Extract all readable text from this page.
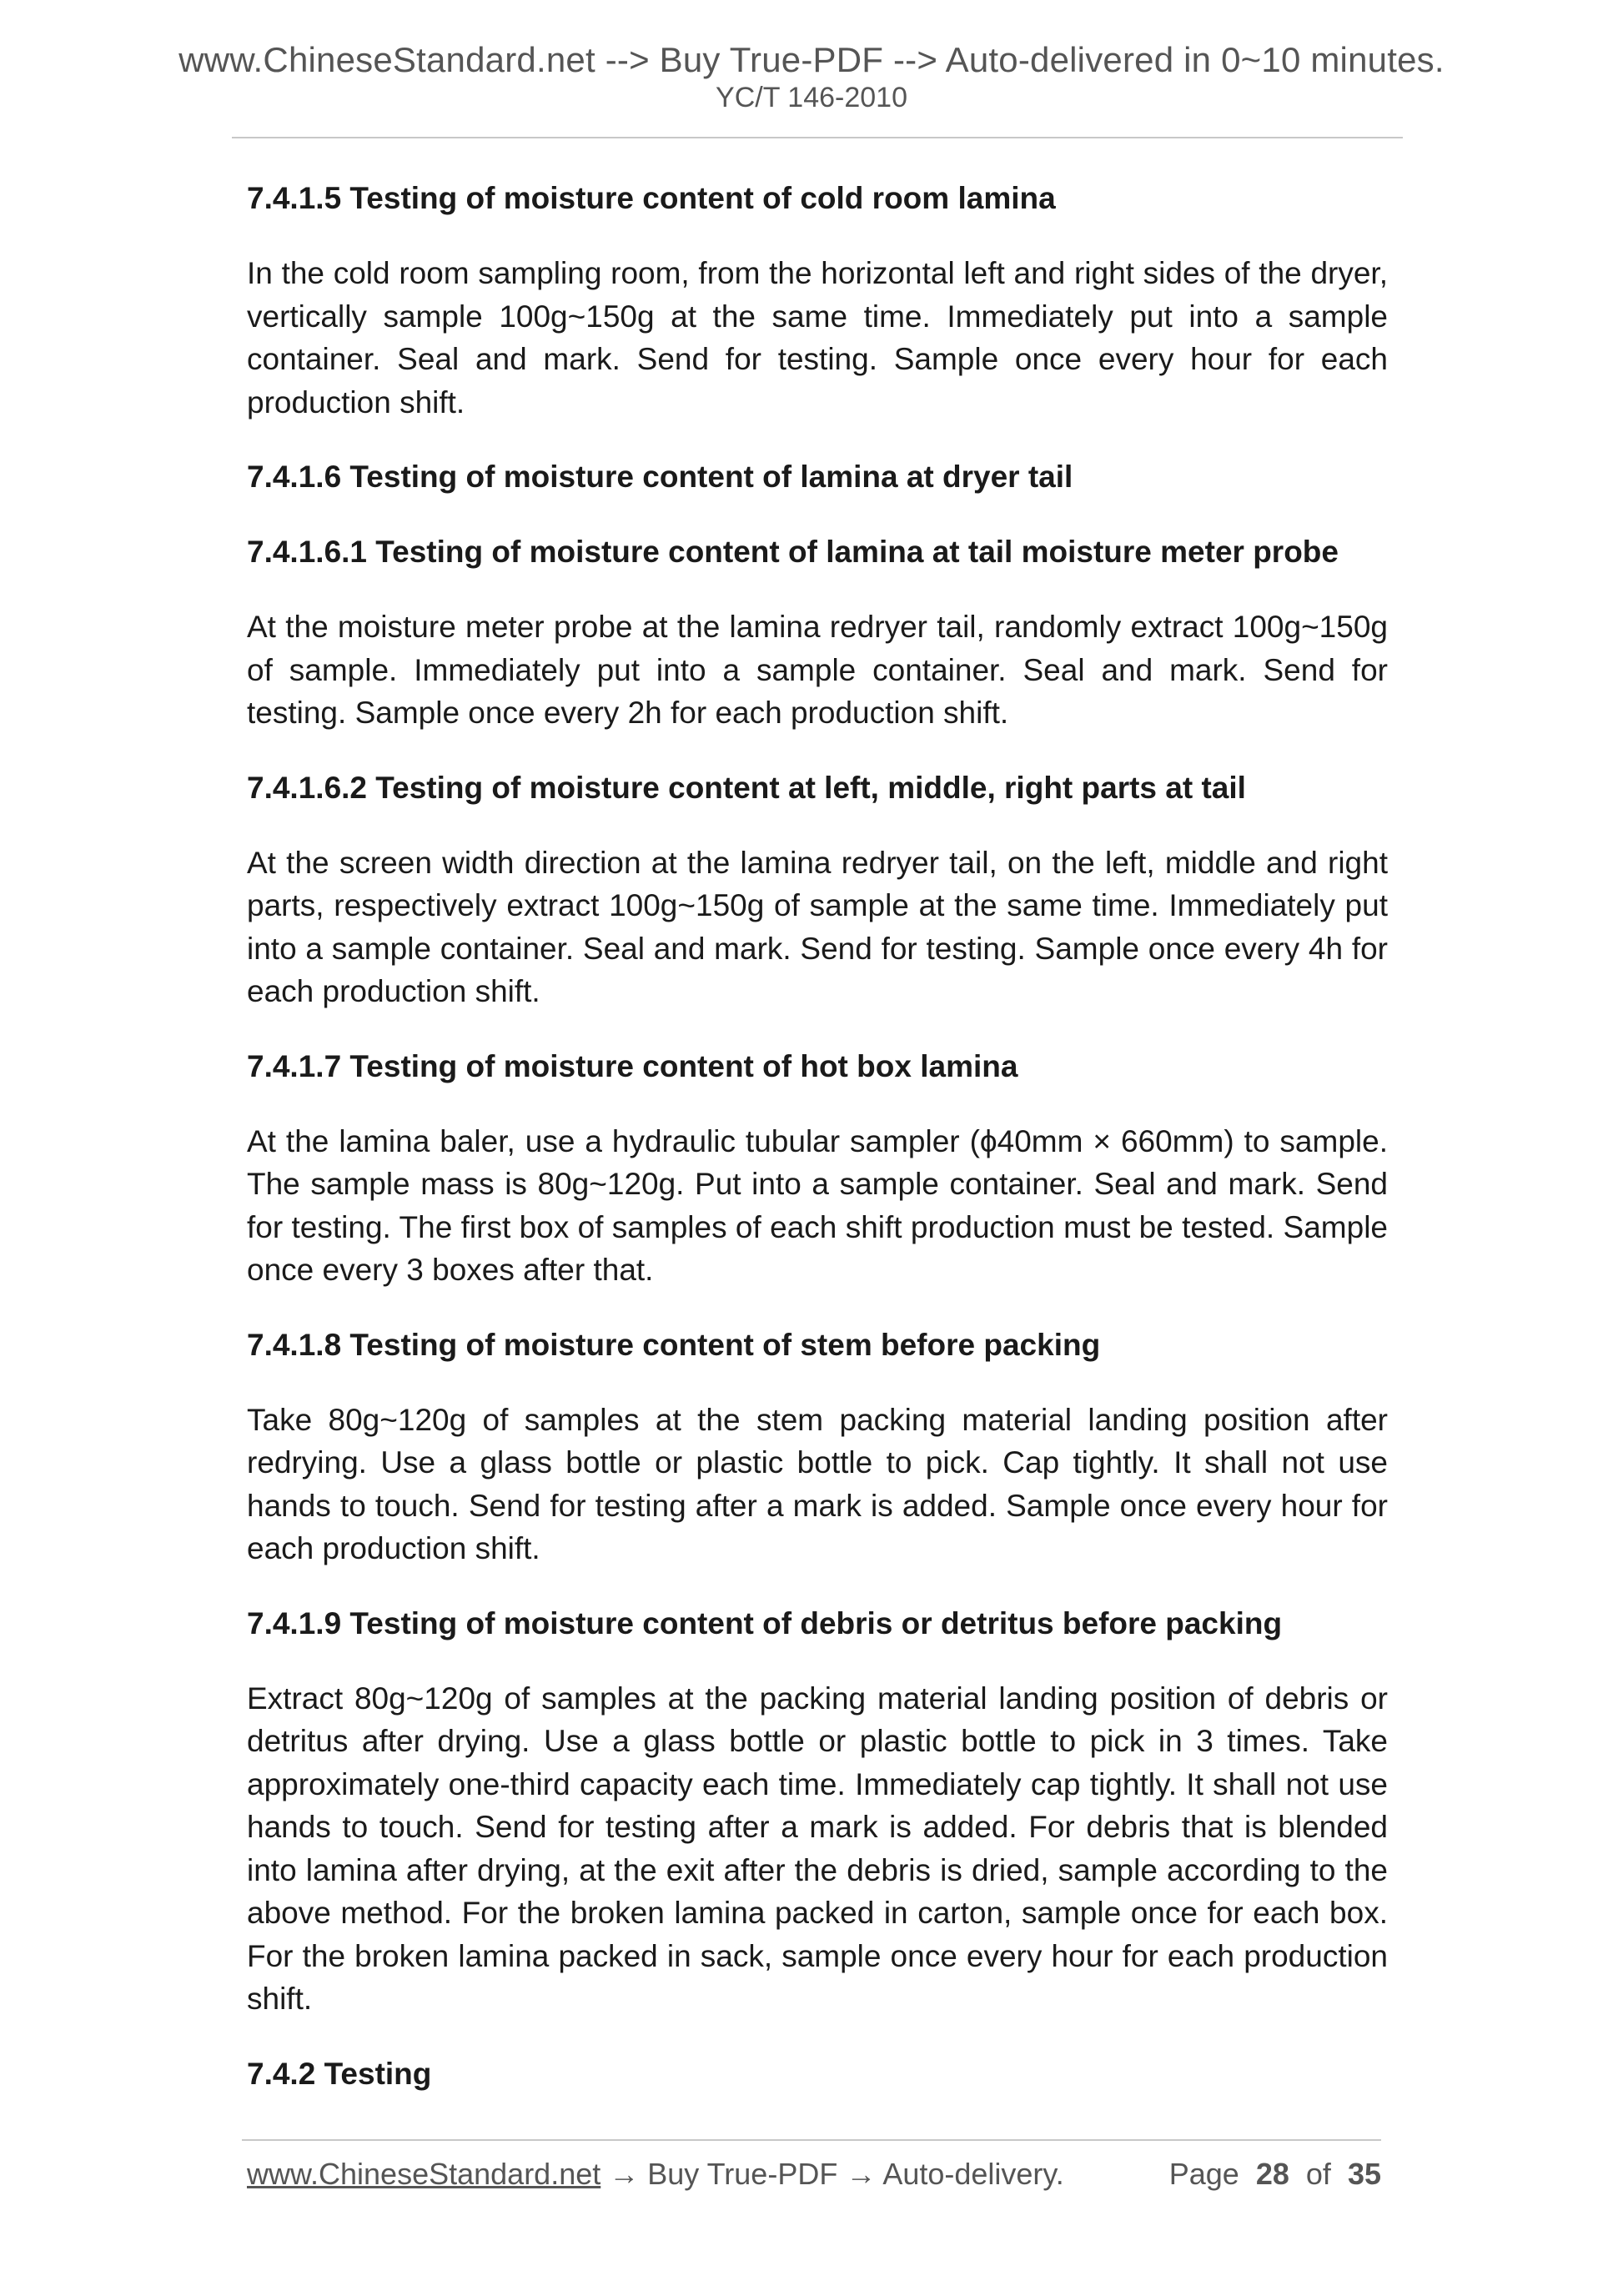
www.ChineseStandard.net --> Buy True-PDF --> Auto-delivered in 0~10 minutes.
YC/T 146-2010
7.4.1.5 Testing of moisture content of cold room lamina
In the cold room sampling room, from the horizontal left and right sides of the dryer, vertically sample 100g~150g at the same time. Immediately put into a sample container. Seal and mark. Send for testing. Sample once every hour for each production shift.
7.4.1.6 Testing of moisture content of lamina at dryer tail
7.4.1.6.1 Testing of moisture content of lamina at tail moisture meter probe
At the moisture meter probe at the lamina redryer tail, randomly extract 100g~150g of sample. Immediately put into a sample container. Seal and mark. Send for testing. Sample once every 2h for each production shift.
7.4.1.6.2 Testing of moisture content at left, middle, right parts at tail
At the screen width direction at the lamina redryer tail, on the left, middle and right parts, respectively extract 100g~150g of sample at the same time. Immediately put into a sample container. Seal and mark. Send for testing. Sample once every 4h for each production shift.
7.4.1.7 Testing of moisture content of hot box lamina
At the lamina baler, use a hydraulic tubular sampler (ϕ40mm × 660mm) to sample. The sample mass is 80g~120g. Put into a sample container. Seal and mark. Send for testing. The first box of samples of each shift production must be tested. Sample once every 3 boxes after that.
7.4.1.8 Testing of moisture content of stem before packing
Take 80g~120g of samples at the stem packing material landing position after redrying. Use a glass bottle or plastic bottle to pick. Cap tightly. It shall not use hands to touch. Send for testing after a mark is added. Sample once every hour for each production shift.
7.4.1.9 Testing of moisture content of debris or detritus before packing
Extract 80g~120g of samples at the packing material landing position of debris or detritus after drying. Use a glass bottle or plastic bottle to pick in 3 times. Take approximately one-third capacity each time. Immediately cap tightly. It shall not use hands to touch. Send for testing after a mark is added. For debris that is blended into lamina after drying, at the exit after the debris is dried, sample according to the above method. For the broken lamina packed in carton, sample once for each box. For the broken lamina packed in sack, sample once every hour for each production shift.
7.4.2 Testing
www.ChineseStandard.net → Buy True-PDF → Auto-delivery.	Page 28 of 35
